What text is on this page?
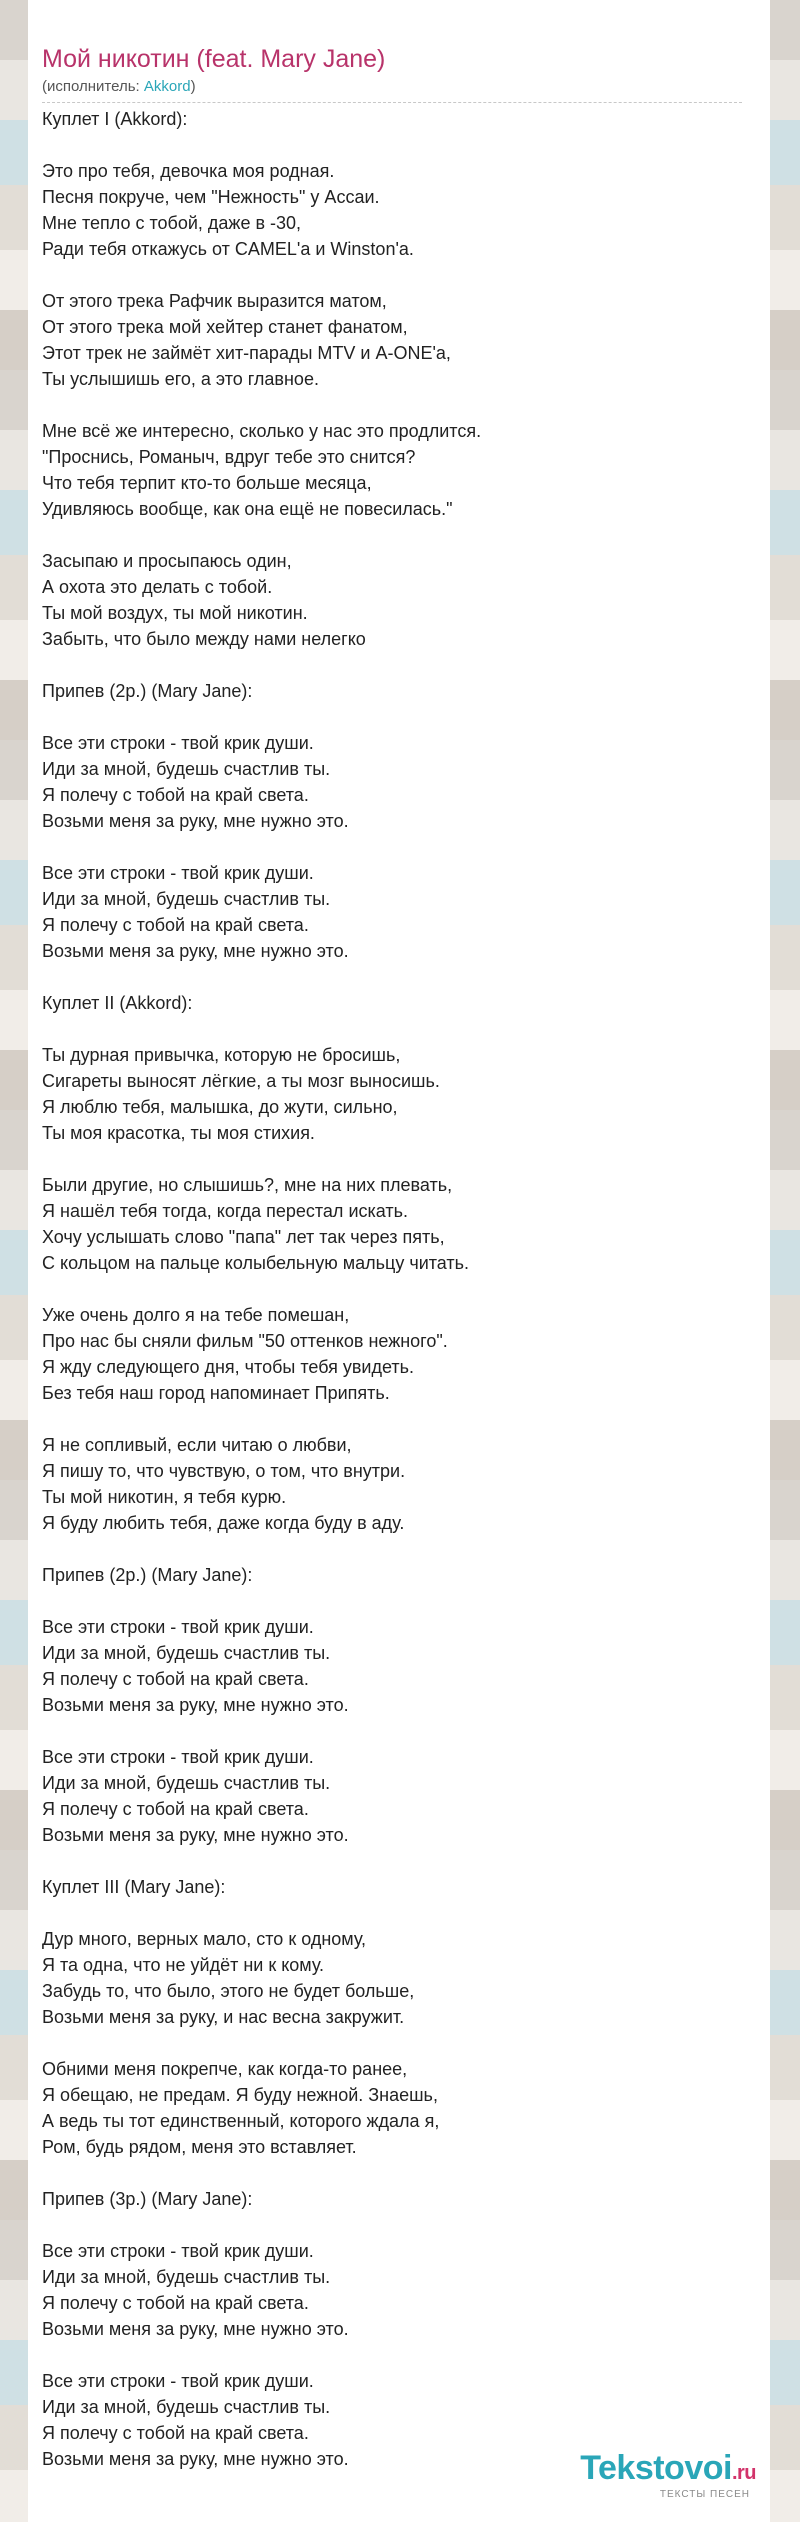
Мой никотин (feat. Mary Jane)
(исполнитель: Akkord)
Куплет I (Akkord):
Это про тебя, девочка моя родная.
Песня покруче, чем "Нежность" у Ассаи.
Мне тепло с тобой, даже в -30,
Ради тебя откажусь от CAMEL'а и Winston'а.
От этого трека Рафчик выразится матом,
От этого трека мой хейтер станет фанатом,
Этот трек не займёт хит-парады MTV и A-ONE'а,
Ты услышишь его, а это главное.
Мне всё же интересно, сколько у нас это продлится.
"Проснись, Романыч, вдруг тебе это снится?
Что тебя терпит кто-то больше месяца,
Удивляюсь вообще, как она ещё не повесилась."
Засыпаю и просыпаюсь один,
А охота это делать с тобой.
Ты мой воздух, ты мой никотин.
Забыть, что было между нами нелегко
Припев (2р.) (Mary Jane):
Все эти строки - твой крик души.
Иди за мной, будешь счастлив ты.
Я полечу с тобой на край света.
Возьми меня за руку, мне нужно это.
Все эти строки - твой крик души.
Иди за мной, будешь счастлив ты.
Я полечу с тобой на край света.
Возьми меня за руку, мне нужно это.
Куплет II (Akkord):
Ты дурная привычка, которую не бросишь,
Сигареты выносят лёгкие, а ты мозг выносишь.
Я люблю тебя, малышка, до жути, сильно,
Ты моя красотка, ты моя стихия.
Были другие, но слышишь?, мне на них плевать,
Я нашёл тебя тогда, когда перестал искать.
Хочу услышать слово "папа" лет так через пять,
С кольцом на пальце колыбельную мальцу читать.
Уже очень долго я на тебе помешан,
Про нас бы сняли фильм "50 оттенков нежного".
Я жду следующего дня, чтобы тебя увидеть.
Без тебя наш город напоминает Припять.
Я не сопливый, если читаю о любви,
Я пишу то, что чувствую, о том, что внутри.
Ты мой никотин, я тебя курю.
Я буду любить тебя, даже когда буду в аду.
Припев (2р.) (Mary Jane):
Все эти строки - твой крик души.
Иди за мной, будешь счастлив ты.
Я полечу с тобой на край света.
Возьми меня за руку, мне нужно это.
Все эти строки - твой крик души.
Иди за мной, будешь счастлив ты.
Я полечу с тобой на край света.
Возьми меня за руку, мне нужно это.
Куплет III (Mary Jane):
Дур много, верных мало, сто к одному,
Я та одна, что не уйдёт ни к кому.
Забудь то, что было, этого не будет больше,
Возьми меня за руку, и нас весна закружит.
Обними меня покрепче, как когда-то ранее,
Я обещаю, не предам. Я буду нежной. Знаешь,
А ведь ты тот единственный, которого ждала я,
Ром, будь рядом, меня это вставляет.
Припев (3р.) (Mary Jane):
Все эти строки - твой крик души.
Иди за мной, будешь счастлив ты.
Я полечу с тобой на край света.
Возьми меня за руку, мне нужно это.
Все эти строки - твой крик души.
Иди за мной, будешь счастлив ты.
Я полечу с тобой на край света.
Возьми меня за руку, мне нужно это.	Tekstovoi.ru
ТЕКСТЫ ПЕСЕН
